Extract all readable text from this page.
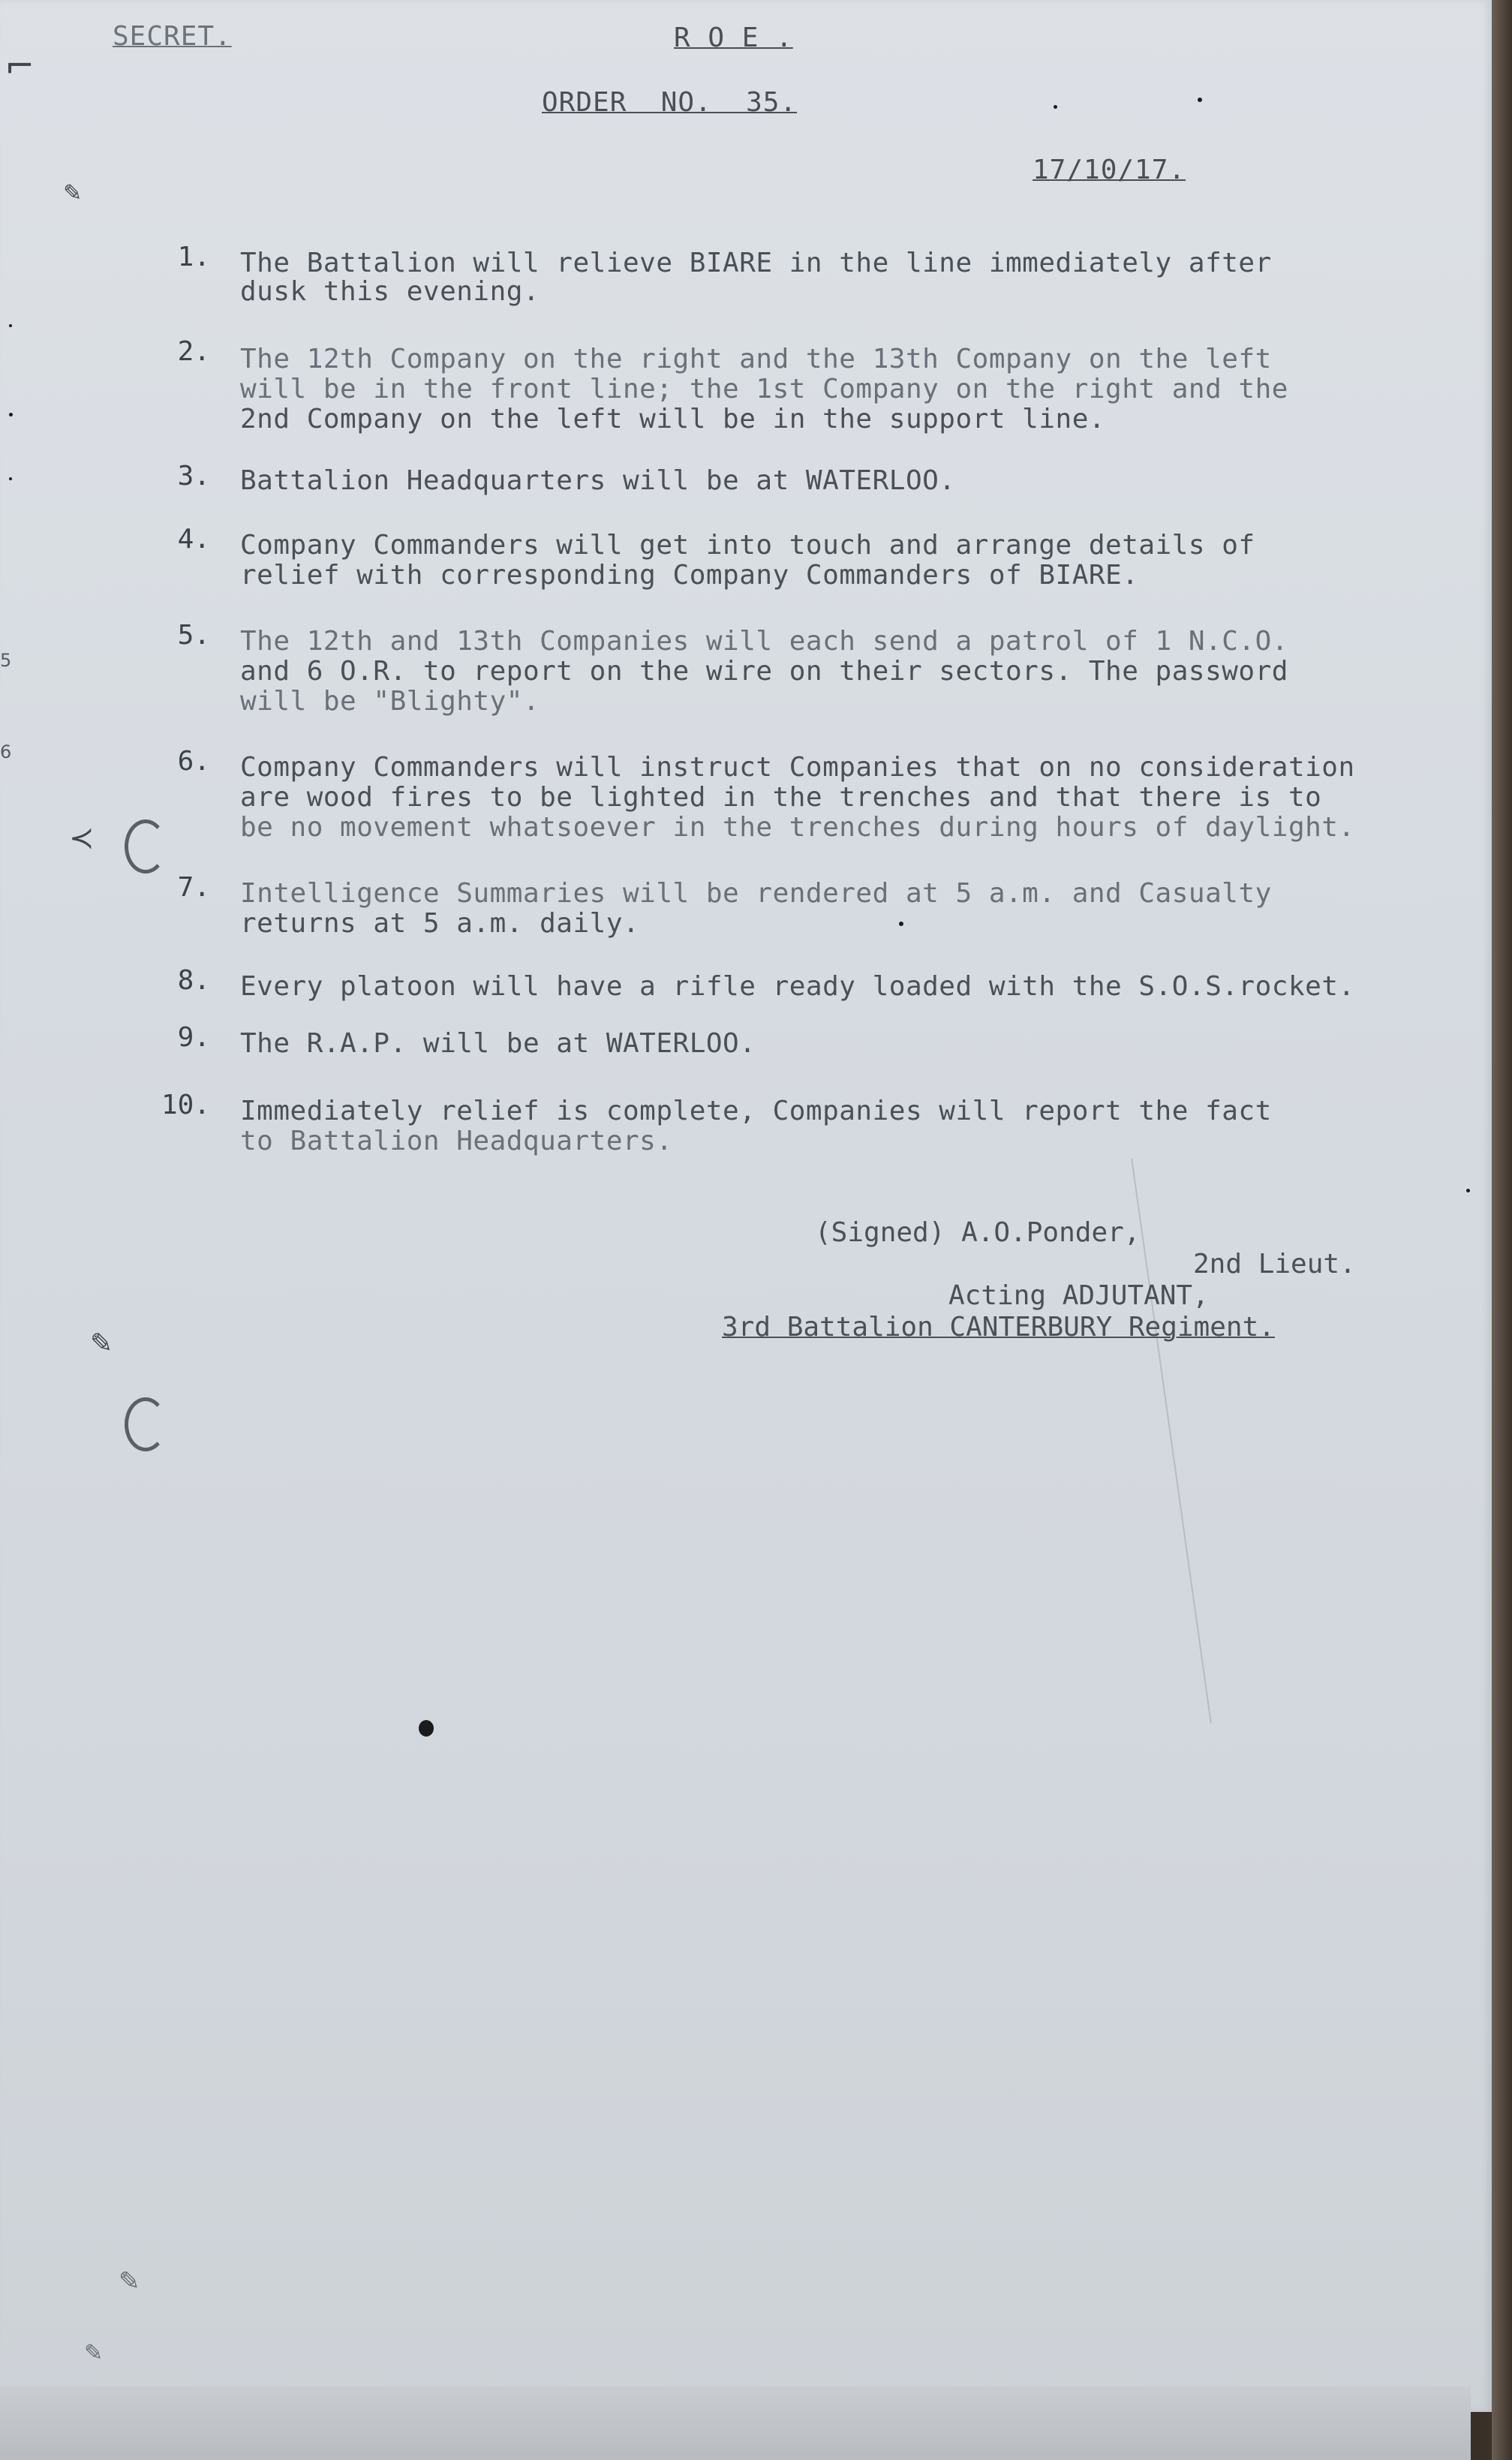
SECRET.	R O E .
ORDER  NO.  35.
17/10/17.
1. The Battalion will relieve BIARE in the line immediately after
dusk this evening.
2. The 12th Company on the right and the 13th Company on the left
will be in the front line; the 1st Company on the right and the
2nd Company on the left will be in the support line.
3. Battalion Headquarters will be at WATERLOO.
4. Company Commanders will get into touch and arrange details of
relief with corresponding Company Commanders of BIARE.
5. The 12th and 13th Companies will each send a patrol of 1 N.C.O.
and 6 O.R. to report on the wire on their sectors. The password
will be "Blighty".
6. Company Commanders will instruct Companies that on no consideration
are wood fires to be lighted in the trenches and that there is to
be no movement whatsoever in the trenches during hours of daylight.
7. Intelligence Summaries will be rendered at 5 a.m. and Casualty
returns at 5 a.m. daily.
8. Every platoon will have a rifle ready loaded with the S.O.S.rocket.
9. The R.A.P. will be at WATERLOO.
10. Immediately relief is complete, Companies will report the fact
to Battalion Headquarters.
(Signed) A.O.Ponder,
2nd Lieut.
Acting ADJUTANT,
3rd Battalion CANTERBURY Regiment.
✎
≺
✎
✎
✎
⌐
5
6
